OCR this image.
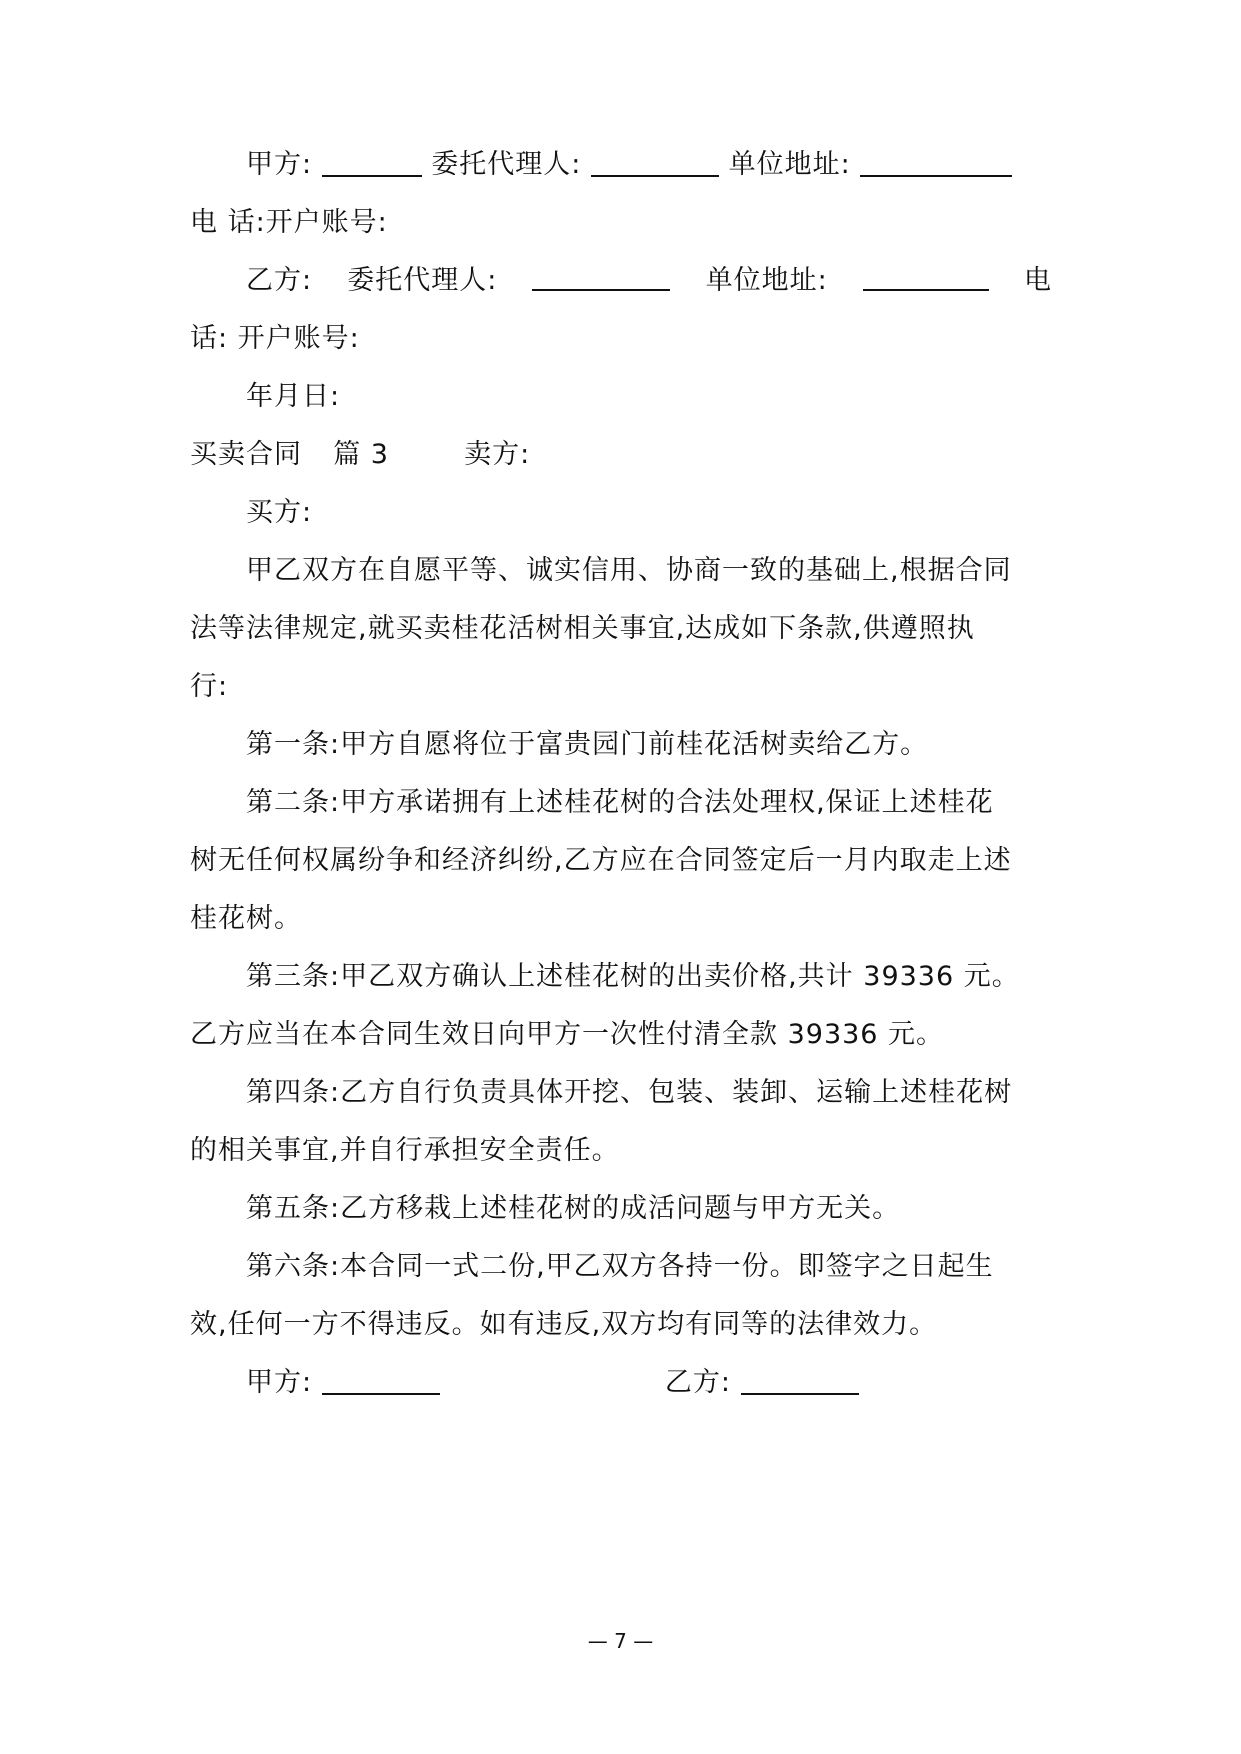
甲方:	委托代理人:	单位地址:
电 话:开户账号:
乙方: 委托代理人:	单位地址:	电
话: 开户账号:
年月日:
买卖合同 篇 3	卖方:
买方:
甲乙双方在自愿平等、诚实信用、协商一致的基础上,根据合同
法等法律规定,就买卖桂花活树相关事宜,达成如下条款,供遵照执
行:
第一条:甲方自愿将位于富贵园门前桂花活树卖给乙方。
第二条:甲方承诺拥有上述桂花树的合法处理权,保证上述桂花
树无任何权属纷争和经济纠纷,乙方应在合同签定后一月内取走上述
桂花树。
第三条:甲乙双方确认上述桂花树的出卖价格,共计 39336 元。
乙方应当在本合同生效日向甲方一次性付清全款 39336 元。
第四条:乙方自行负责具体开挖、包装、装卸、运输上述桂花树
的相关事宜,并自行承担安全责任。
第五条:乙方移栽上述桂花树的成活问题与甲方无关。
第六条:本合同一式二份,甲乙双方各持一份。即签字之日起生
效,任何一方不得违反。如有违反,双方均有同等的法律效力。
甲方:	乙方:
— 7 —
